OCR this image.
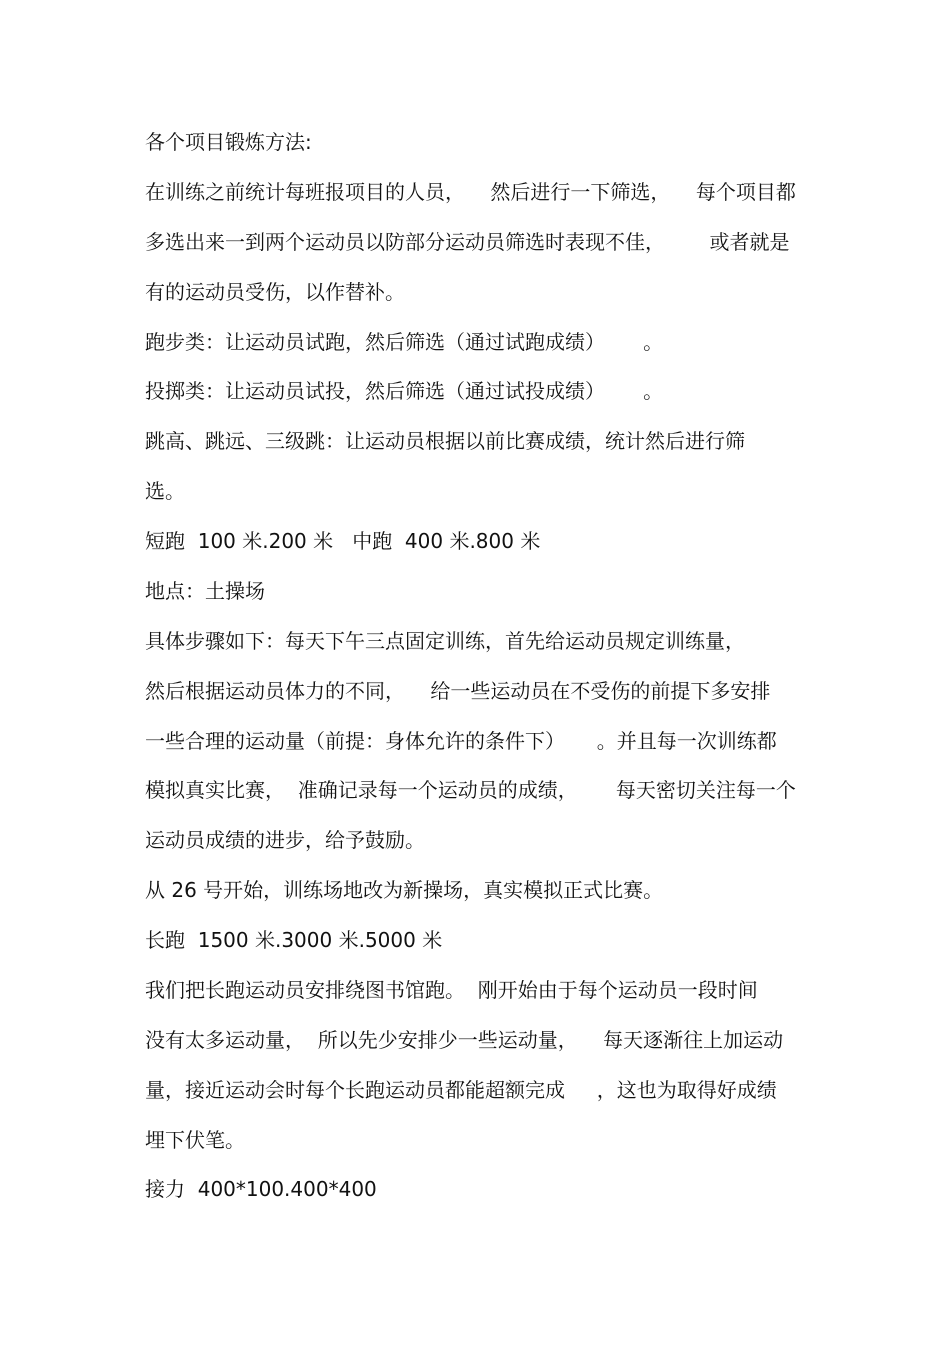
各个项目锻炼方法:
在训练之前统计每班报项目的人员，    然后进行一下筛选，    每个项目都
多选出来一到两个运动员以防部分运动员筛选时表现不佳，       或者就是
有的运动员受伤，以作替补。
跑步类：让运动员试跑，然后筛选（通过试跑成绩）      。
投掷类：让运动员试投，然后筛选（通过试投成绩）      。
跳高、跳远、三级跳：让运动员根据以前比赛成绩，统计然后进行筛
选。
短跑  100 米.200 米   中跑  400 米.800 米
地点：土操场
具体步骤如下：每天下午三点固定训练，首先给运动员规定训练量，
然后根据运动员体力的不同，    给一些运动员在不受伤的前提下多安排
一些合理的运动量（前提：身体允许的条件下）     。并且每一次训练都
模拟真实比赛，  准确记录每一个运动员的成绩，      每天密切关注每一个
运动员成绩的进步，给予鼓励。
从 26 号开始，训练场地改为新操场，真实模拟正式比赛。
长跑  1500 米.3000 米.5000 米
我们把长跑运动员安排绕图书馆跑。  刚开始由于每个运动员一段时间
没有太多运动量，  所以先少安排少一些运动量，    每天逐渐往上加运动
量，接近运动会时每个长跑运动员都能超额完成     ，这也为取得好成绩
埋下伏笔。
接力  400*100.400*400
